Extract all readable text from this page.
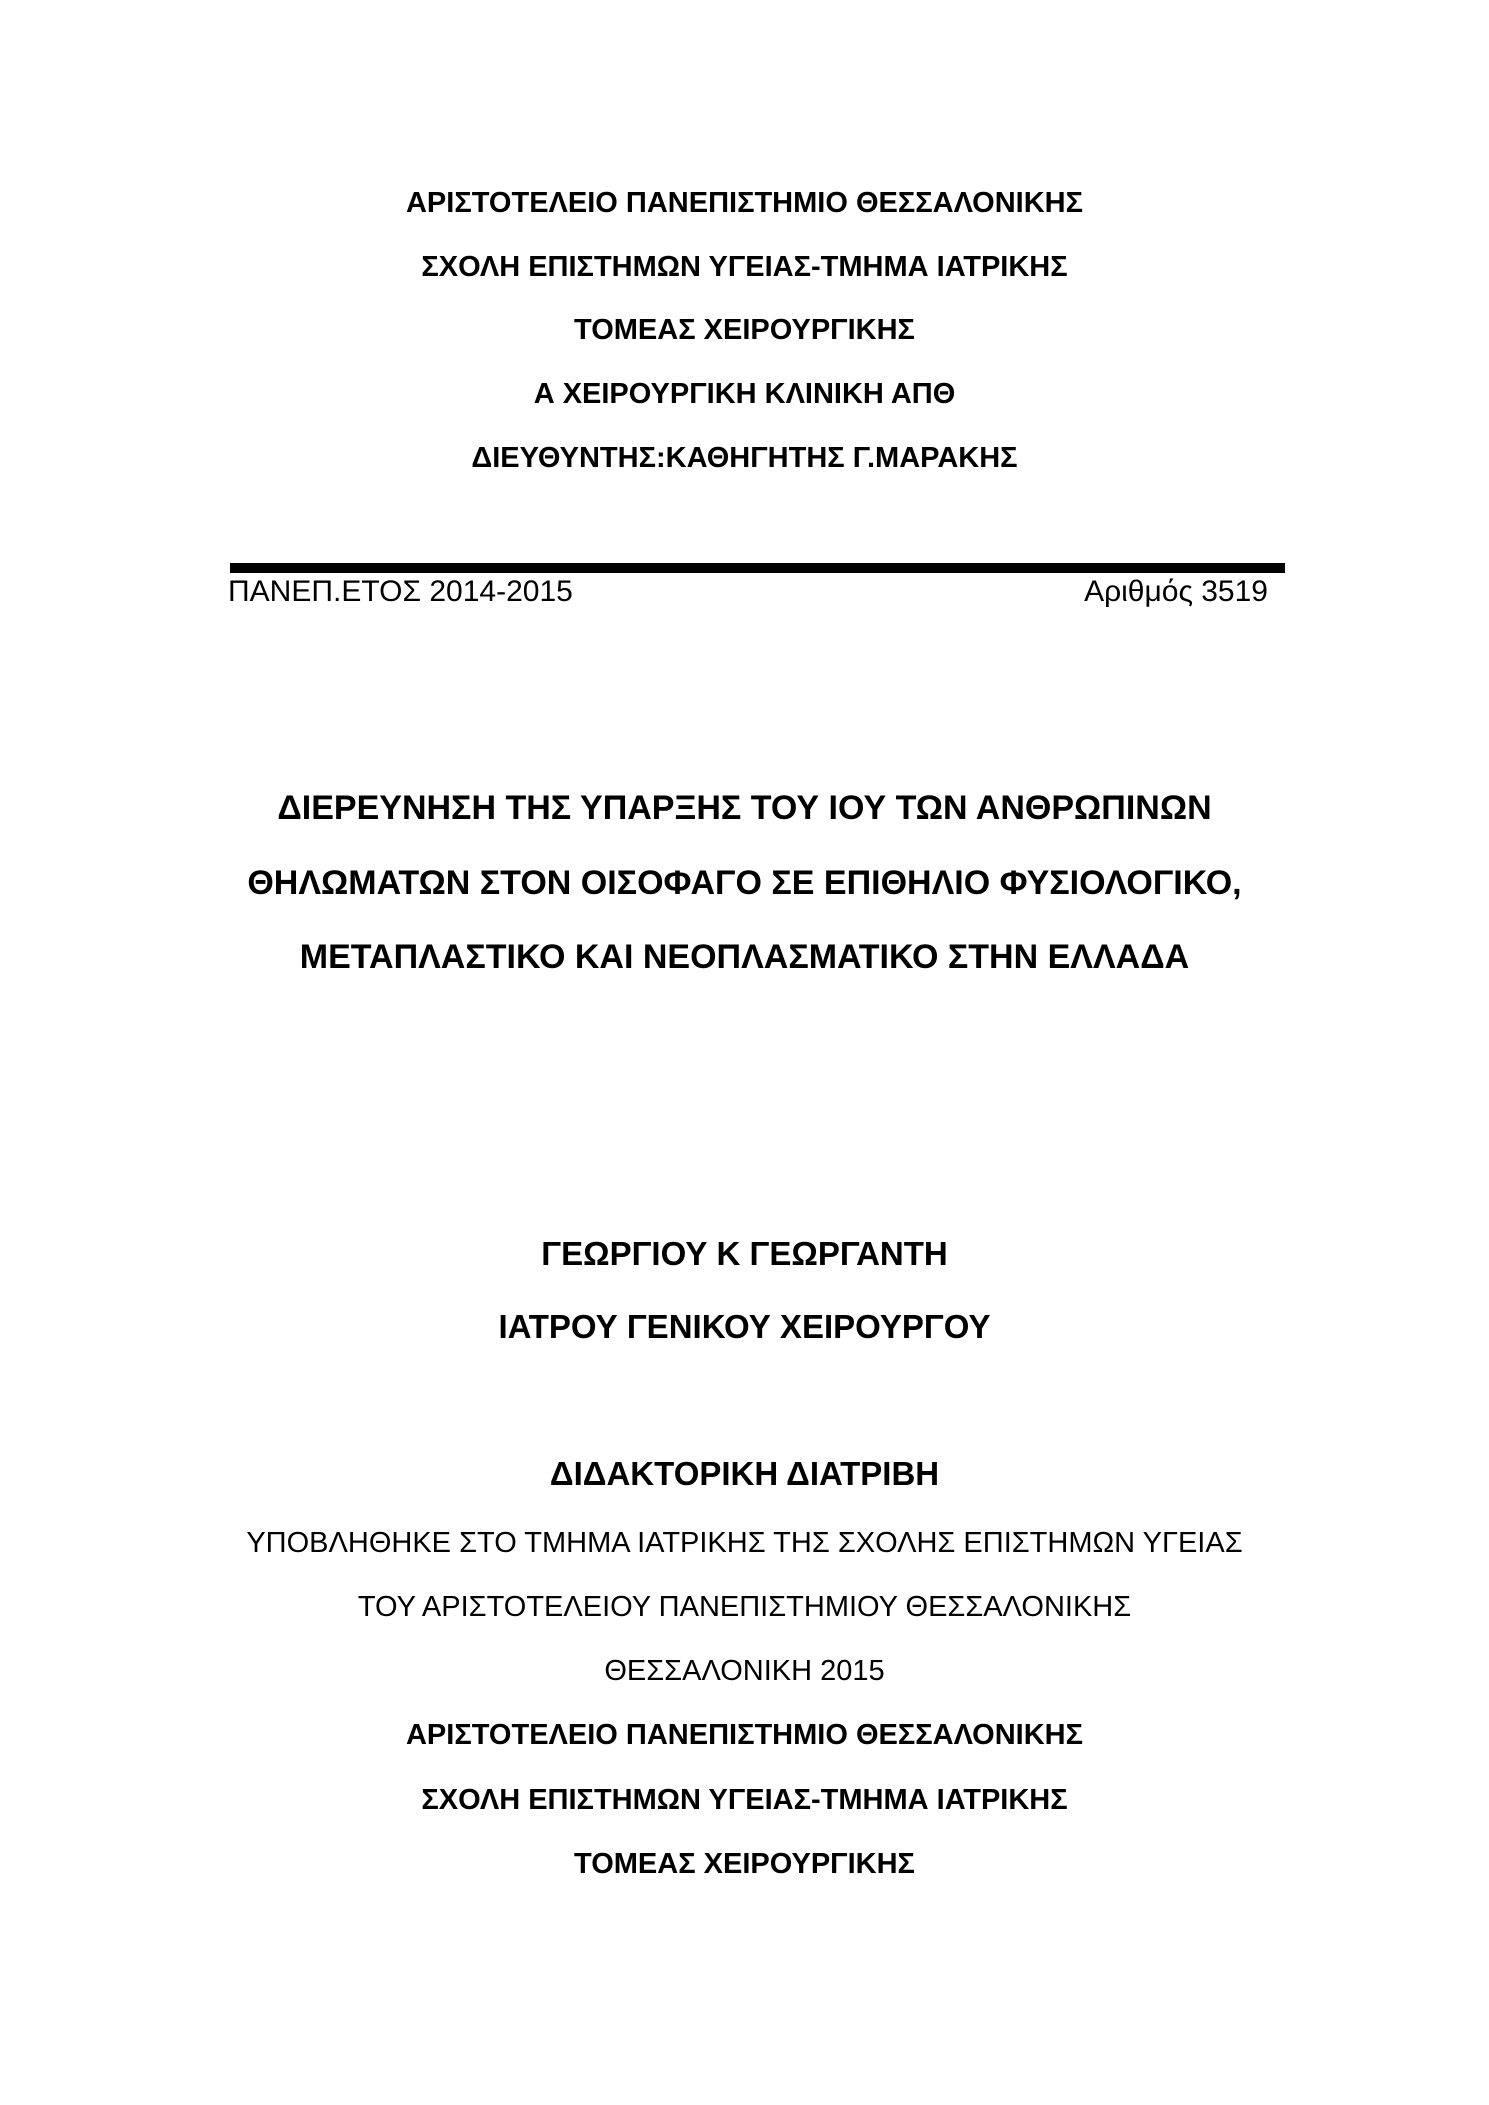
ΑΡΙΣΤΟΤΕΛΕΙΟ ΠΑΝΕΠΙΣΤΗΜΙΟ ΘΕΣΣΑΛΟΝΙΚΗΣ
ΣΧΟΛΗ ΕΠΙΣΤΗΜΩΝ ΥΓΕΙΑΣ-ΤΜΗΜΑ ΙΑΤΡΙΚΗΣ
ΤΟΜΕΑΣ ΧΕΙΡΟΥΡΓΙΚΗΣ
Α ΧΕΙΡΟΥΡΓΙΚΗ ΚΛΙΝΙΚΗ ΑΠΘ
ΔΙΕΥΘΥΝΤΗΣ:ΚΑΘΗΓΗΤΗΣ Γ.ΜΑΡΑΚΗΣ
ΠΑΝΕΠ.ΕΤΟΣ 2014-2015	Αριθμός 3519
ΔΙΕΡΕΥΝΗΣΗ ΤΗΣ ΥΠΑΡΞΗΣ ΤΟΥ ΙΟΥ ΤΩΝ ΑΝΘΡΩΠΙΝΩΝ
ΘΗΛΩΜΑΤΩΝ ΣΤΟΝ ΟΙΣΟΦΑΓΟ ΣΕ ΕΠΙΘΗΛΙΟ ΦΥΣΙΟΛΟΓΙΚΟ,
ΜΕΤΑΠΛΑΣΤΙΚΟ ΚΑΙ ΝΕΟΠΛΑΣΜΑΤΙΚΟ ΣΤΗΝ ΕΛΛΑΔΑ
ΓΕΩΡΓΙΟΥ Κ ΓΕΩΡΓΑΝΤΗ
ΙΑΤΡΟΥ ΓΕΝΙΚΟΥ ΧΕΙΡΟΥΡΓΟΥ
ΔΙΔΑΚΤΟΡΙΚΗ ΔΙΑΤΡΙΒΗ
ΥΠΟΒΛΗΘΗΚΕ ΣΤΟ ΤΜΗΜΑ ΙΑΤΡΙΚΗΣ ΤΗΣ ΣΧΟΛΗΣ ΕΠΙΣΤΗΜΩΝ ΥΓΕΙΑΣ
ΤΟΥ ΑΡΙΣΤΟΤΕΛΕΙΟΥ ΠΑΝΕΠΙΣΤΗΜΙΟΥ ΘΕΣΣΑΛΟΝΙΚΗΣ
ΘΕΣΣΑΛΟΝΙΚΗ 2015
ΑΡΙΣΤΟΤΕΛΕΙΟ ΠΑΝΕΠΙΣΤΗΜΙΟ ΘΕΣΣΑΛΟΝΙΚΗΣ
ΣΧΟΛΗ ΕΠΙΣΤΗΜΩΝ ΥΓΕΙΑΣ-ΤΜΗΜΑ ΙΑΤΡΙΚΗΣ
ΤΟΜΕΑΣ ΧΕΙΡΟΥΡΓΙΚΗΣ
